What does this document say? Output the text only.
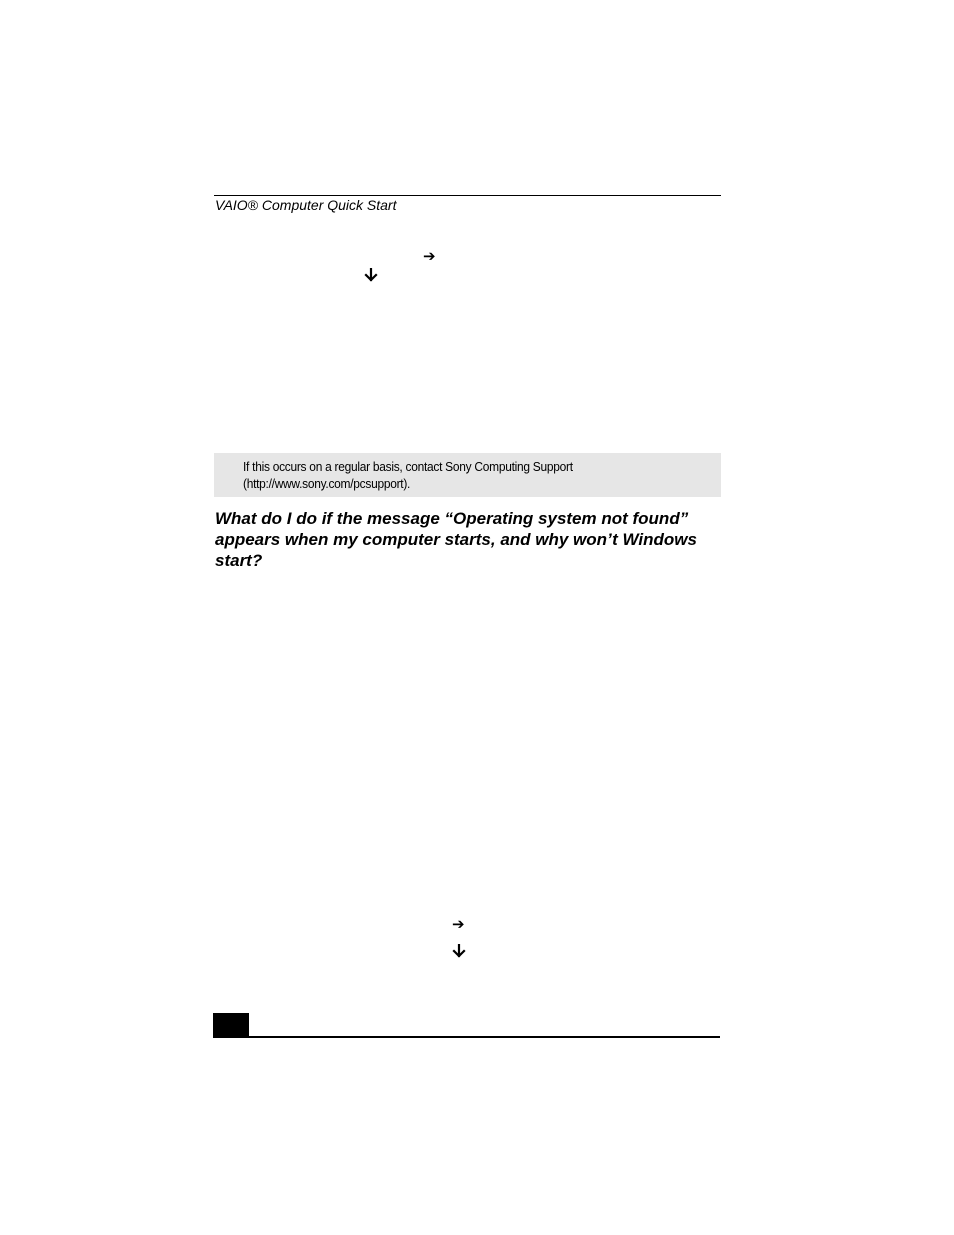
VAIO® Computer Quick Start
➔
If this occurs on a regular basis, contact Sony Computing Support
(http://www.sony.com/pcsupport).
What do I do if the message “Operating system not found”
appears when my computer starts, and why won’t Windows
start?
➔
